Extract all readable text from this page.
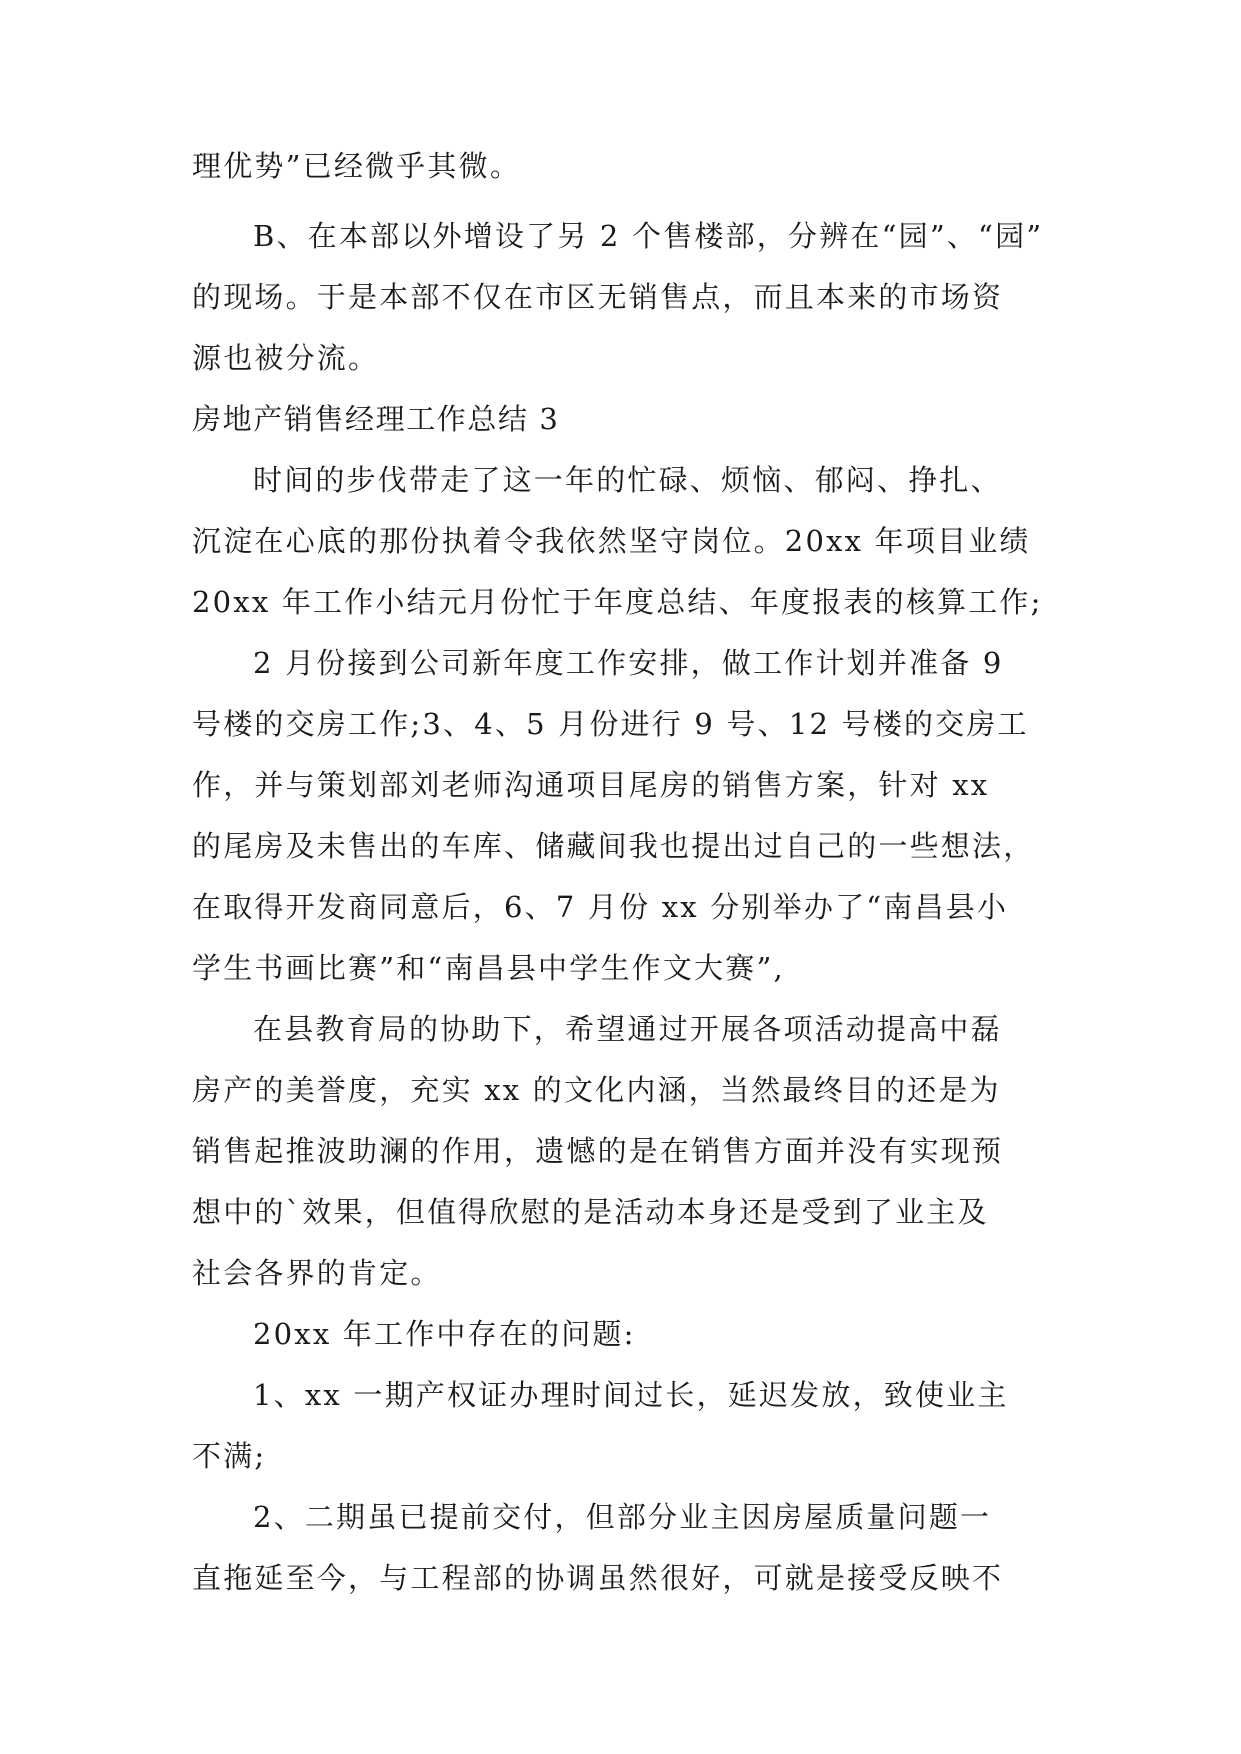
理优势”已经微乎其微。
B、在本部以外增设了另 2 个售楼部，分辨在“园”、“园”
的现场。于是本部不仅在市区无销售点，而且本来的市场资
源也被分流。
房地产销售经理工作总结 3
时间的步伐带走了这一年的忙碌、烦恼、郁闷、挣扎、
沉淀在心底的那份执着令我依然坚守岗位。20xx 年项目业绩
20xx 年工作小结元月份忙于年度总结、年度报表的核算工作;
2 月份接到公司新年度工作安排，做工作计划并准备 9
号楼的交房工作;3、4、5 月份进行 9 号、12 号楼的交房工
作，并与策划部刘老师沟通项目尾房的销售方案，针对 xx
的尾房及未售出的车库、储藏间我也提出过自己的一些想法，
在取得开发商同意后，6、7 月份 xx 分别举办了“南昌县小
学生书画比赛”和“南昌县中学生作文大赛”,
在县教育局的协助下，希望通过开展各项活动提高中磊
房产的美誉度，充实 xx 的文化内涵，当然最终目的还是为
销售起推波助澜的作用，遗憾的是在销售方面并没有实现预
想中的`效果，但值得欣慰的是活动本身还是受到了业主及
社会各界的肯定。
20xx 年工作中存在的问题:
1、xx 一期产权证办理时间过长，延迟发放，致使业主
不满;
2、二期虽已提前交付，但部分业主因房屋质量问题一
直拖延至今，与工程部的协调虽然很好，可就是接受反映不
